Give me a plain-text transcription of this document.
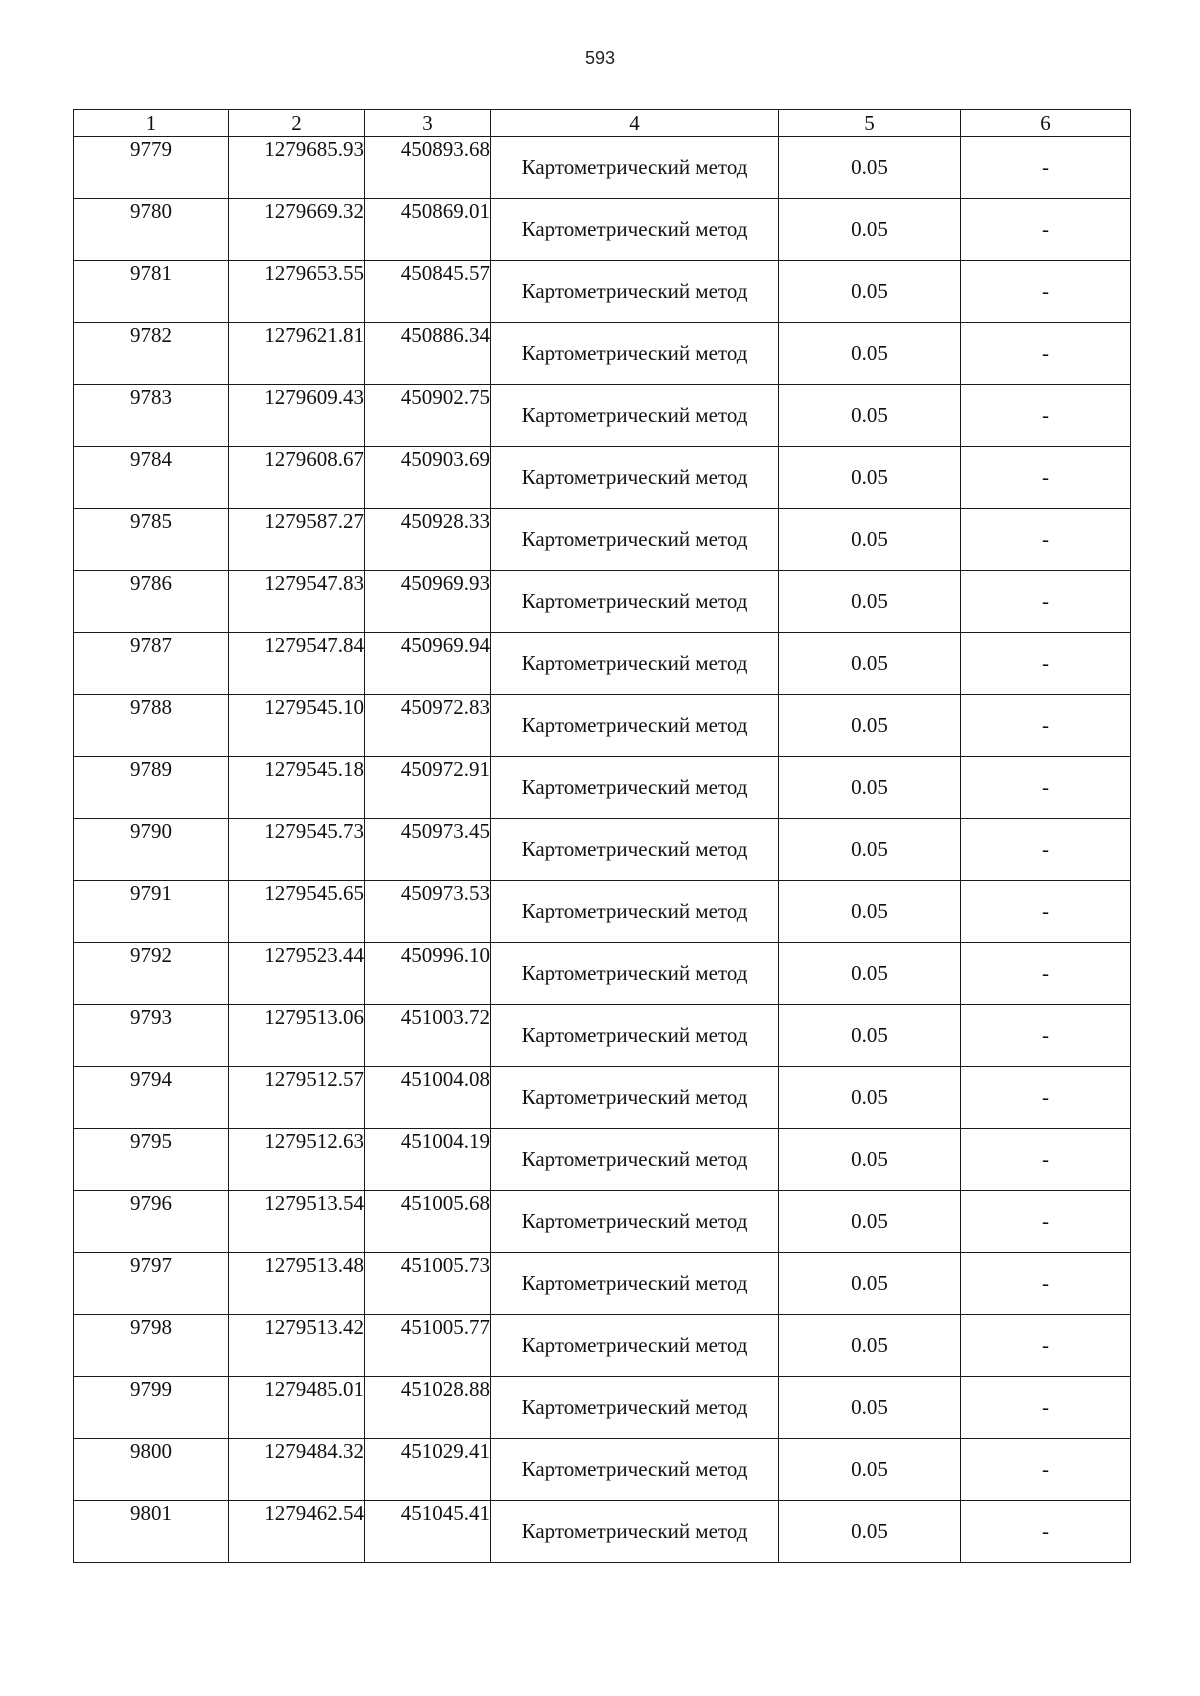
593
1	2	3	4	5	6
9779	1279685.93	450893.68	Картометрический метод	0.05	-
9780	1279669.32	450869.01	Картометрический метод	0.05	-
9781	1279653.55	450845.57	Картометрический метод	0.05	-
9782	1279621.81	450886.34	Картометрический метод	0.05	-
9783	1279609.43	450902.75	Картометрический метод	0.05	-
9784	1279608.67	450903.69	Картометрический метод	0.05	-
9785	1279587.27	450928.33	Картометрический метод	0.05	-
9786	1279547.83	450969.93	Картометрический метод	0.05	-
9787	1279547.84	450969.94	Картометрический метод	0.05	-
9788	1279545.10	450972.83	Картометрический метод	0.05	-
9789	1279545.18	450972.91	Картометрический метод	0.05	-
9790	1279545.73	450973.45	Картометрический метод	0.05	-
9791	1279545.65	450973.53	Картометрический метод	0.05	-
9792	1279523.44	450996.10	Картометрический метод	0.05	-
9793	1279513.06	451003.72	Картометрический метод	0.05	-
9794	1279512.57	451004.08	Картометрический метод	0.05	-
9795	1279512.63	451004.19	Картометрический метод	0.05	-
9796	1279513.54	451005.68	Картометрический метод	0.05	-
9797	1279513.48	451005.73	Картометрический метод	0.05	-
9798	1279513.42	451005.77	Картометрический метод	0.05	-
9799	1279485.01	451028.88	Картометрический метод	0.05	-
9800	1279484.32	451029.41	Картометрический метод	0.05	-
9801	1279462.54	451045.41	Картометрический метод	0.05	-
